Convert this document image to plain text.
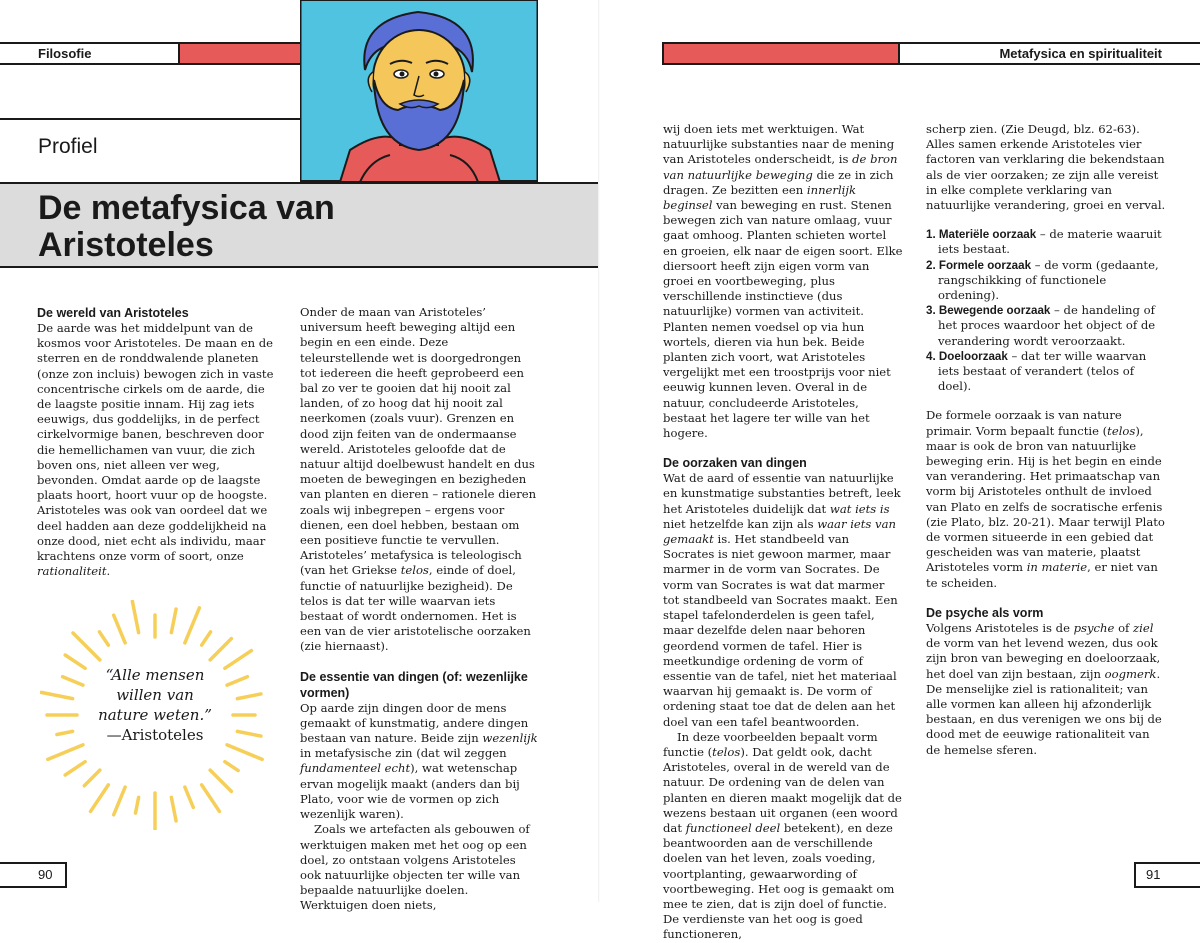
Filosofie
Profiel
De metafysica van
Aristoteles
De wereld van Aristoteles

De aarde was het middelpunt van de kosmos voor Aristoteles. De maan en de sterren en de ronddwalende planeten (onze zon incluis) bewogen zich in vaste concentrische cirkels om de aarde, die de laagste positie innam. Hij zag iets eeuwigs, dus goddelijks, in de perfect cirkelvormige banen, beschreven door die hemellichamen van vuur, die zich boven ons, niet alleen ver weg, bevonden. Omdat aarde op de laagste plaats hoort, hoort vuur op de hoogste. Aristoteles was ook van oordeel dat we deel hadden aan deze goddelijkheid na onze dood, niet echt als individu, maar krachtens onze vorm of soort, onze rationaliteit.

“Alle mensen
willen van
nature weten.”
—Aristoteles

Onder de maan van Aristoteles’ universum heeft beweging altijd een begin en een einde. Deze teleurstellende wet is doorgedrongen tot iedereen die heeft geprobeerd een bal zo ver te gooien dat hij nooit zal landen, of zo hoog dat hij nooit zal neerkomen (zoals vuur). Grenzen en dood zijn feiten van de ondermaanse wereld. Aristoteles geloofde dat de natuur altijd doelbewust handelt en dus moeten de bewegingen en bezigheden van planten en dieren – rationele dieren zoals wij inbegrepen – ergens voor dienen, een doel hebben, bestaan om een positieve functie te vervullen. Aristoteles’ metafysica is teleologisch (van het Griekse telos, einde of doel, functie of natuurlijke bezigheid). De telos is dat ter wille waarvan iets bestaat of wordt ondernomen. Het is een van de vier aristotelische oorzaken (zie hiernaast).

De essentie van dingen (of: wezenlijke vormen)

Op aarde zijn dingen door de mens gemaakt of kunstmatig, andere dingen bestaan van nature. Beide zijn wezenlijk in metafysische zin (dat wil zeggen fundamenteel echt), wat wetenschap ervan mogelijk maakt (anders dan bij Plato, voor wie de vormen op zich wezenlijk waren).

Zoals we artefacten als gebouwen of werktuigen maken met het oog op een doel, zo ontstaan volgens Aristoteles ook natuurlijke objecten ter wille van bepaalde natuurlijke doelen. Werktuigen doen niets,

90
Metafysica en spiritualiteit

wij doen iets met werktuigen. Wat natuurlijke substanties naar de mening van Aristoteles onderscheidt, is de bron van natuurlijke beweging die ze in zich dragen. Ze bezitten een innerlijk beginsel van beweging en rust. Stenen bewegen zich van nature omlaag, vuur gaat omhoog. Planten schieten wortel en groeien, elk naar de eigen soort. Elke diersoort heeft zijn eigen vorm van groei en voortbeweging, plus verschillende instinctieve (dus natuurlijke) vormen van activiteit. Planten nemen voedsel op via hun wortels, dieren via hun bek. Beide planten zich voort, wat Aristoteles vergelijkt met een troostprijs voor niet eeuwig kunnen leven. Overal in de natuur, concludeerde Aristoteles, bestaat het lagere ter wille van het hogere.

De oorzaken van dingen

Wat de aard of essentie van natuurlijke en kunstmatige substanties betreft, leek het Aristoteles duidelijk dat wat iets is niet hetzelfde kan zijn als waar iets van gemaakt is. Het standbeeld van Socrates is niet gewoon marmer, maar marmer in de vorm van Socrates. De vorm van Socrates is wat dat marmer tot standbeeld van Socrates maakt. Een stapel tafelonderdelen is geen tafel, maar dezelfde delen naar behoren geordend vormen de tafel. Hier is meetkundige ordening de vorm of essentie van de tafel, niet het materiaal waarvan hij gemaakt is. De vorm of ordening staat toe dat de delen aan het doel van een tafel beantwoorden.

In deze voorbeelden bepaalt vorm functie (telos). Dat geldt ook, dacht Aristoteles, overal in de wereld van de natuur. De ordening van de delen van planten en dieren maakt mogelijk dat de wezens bestaan uit organen (een woord dat functioneel deel betekent), en deze beantwoorden aan de verschillende doelen van het leven, zoals voeding, voortplanting, gewaarwording of voortbeweging. Het oog is gemaakt om mee te zien, dat is zijn doel of functie. De verdienste van het oog is goed functioneren,

scherp zien. (Zie Deugd, blz. 62-63). Alles samen erkende Aristoteles vier factoren van verklaring die bekendstaan als de vier oorzaken; ze zijn alle vereist in elke complete verklaring van natuurlijke verandering, groei en verval.

1. Materiële oorzaak – de materie waaruit iets bestaat.
2. Formele oorzaak – de vorm (gedaante, rangschikking of functionele ordening).
3. Bewegende oorzaak – de handeling of het proces waardoor het object of de verandering wordt veroorzaakt.
4. Doeloorzaak – dat ter wille waarvan iets bestaat of verandert (telos of doel).

De formele oorzaak is van nature primair. Vorm bepaalt functie (telos), maar is ook de bron van natuurlijke beweging erin. Hij is het begin en einde van verandering. Het primaatschap van vorm bij Aristoteles onthult de invloed van Plato en zelfs de socratische erfenis (zie Plato, blz. 20-21). Maar terwijl Plato de vormen situeerde in een gebied dat gescheiden was van materie, plaatst Aristoteles vorm in materie, er niet van te scheiden.

De psyche als vorm

Volgens Aristoteles is de psyche of ziel de vorm van het levend wezen, dus ook zijn bron van beweging en doeloorzaak, het doel van zijn bestaan, zijn oogmerk. De menselijke ziel is rationaliteit; van alle vormen kan alleen hij afzonderlijk bestaan, en dus verenigen we ons bij de dood met de eeuwige rationaliteit van de hemelse sferen.

91
